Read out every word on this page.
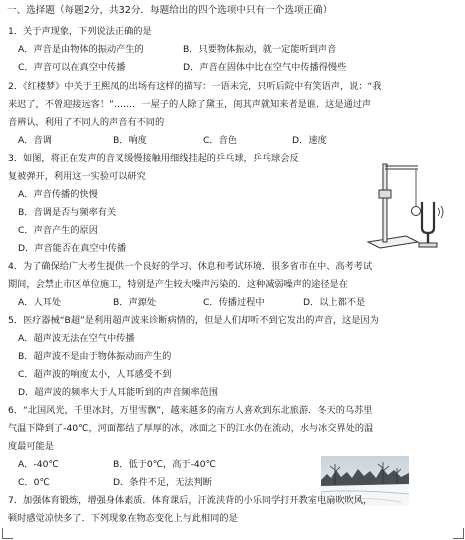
一、选择题（每题2分，共32分．每题给出的四个选项中只有一个选项正确）
1．关于声现象，下列说法正确的是
A．声音是由物体的振动产生的	B．只要物体振动，就一定能听到声音
C．声音可以在真空中传播	D．声音在固体中比在空气中传播得慢些
2．《红楼梦》中关于王熙凤的出场有这样的描写：一语未完，只听后院中有笑语声，说：“我
来迟了，不曾迎接远客！”……．一屋子的人除了黛玉，闺其声就知来者是谁．这是通过声
音辨认，利用了不同人的声音有不同的
A．音调	B．响度	C．音色	D．速度
3．如图，将正在发声的音叉缓慢接触用细线挂起的乒乓球，乒乓球会反
复被弹开，利用这一实验可以研究
A．声音传播的快慢
B．音调是否与频率有关
C．声音产生的原因
D．声音能否在真空中传播
4．为了确保给广大考生提供一个良好的学习、休息和考试环境．很多省市在中、高考考试
期间，会禁止市区单位施工，特别是产生较大噪声污染的．这种减弱噪声的途径是在
A．人耳处	B．声源处	C．传播过程中	D．以上都不是
5．医疗器械“B超”是利用超声波来诊断病情的，但是人们却听不到它发出的声音，这是因为
A．超声波无法在空气中传播
B．超声波不是由于物体振动而产生的
C．超声波的响度太小，人耳感受不到
D．超声波的频率大于人耳能听到的声音频率范围
6．“北国风光，千里冰封，万里雪飘”，越来越多的南方人喜欢到东北旅游．冬天的乌苏里
气温下降到了-40℃，河面都结了厚厚的冰，冰面之下的江水仍在流动，水与冰交界处的温
度最可能是
A．-40℃	B．低于0℃，高于-40℃
C．0℃	D．条件不足，无法判断
7．加强体育锻炼，增强身体素质．体育课后，汗流浃背的小乐同学打开教室电扇吹吹风，
顿时感觉凉快多了．下列现象在物态变化上与此相同的是
